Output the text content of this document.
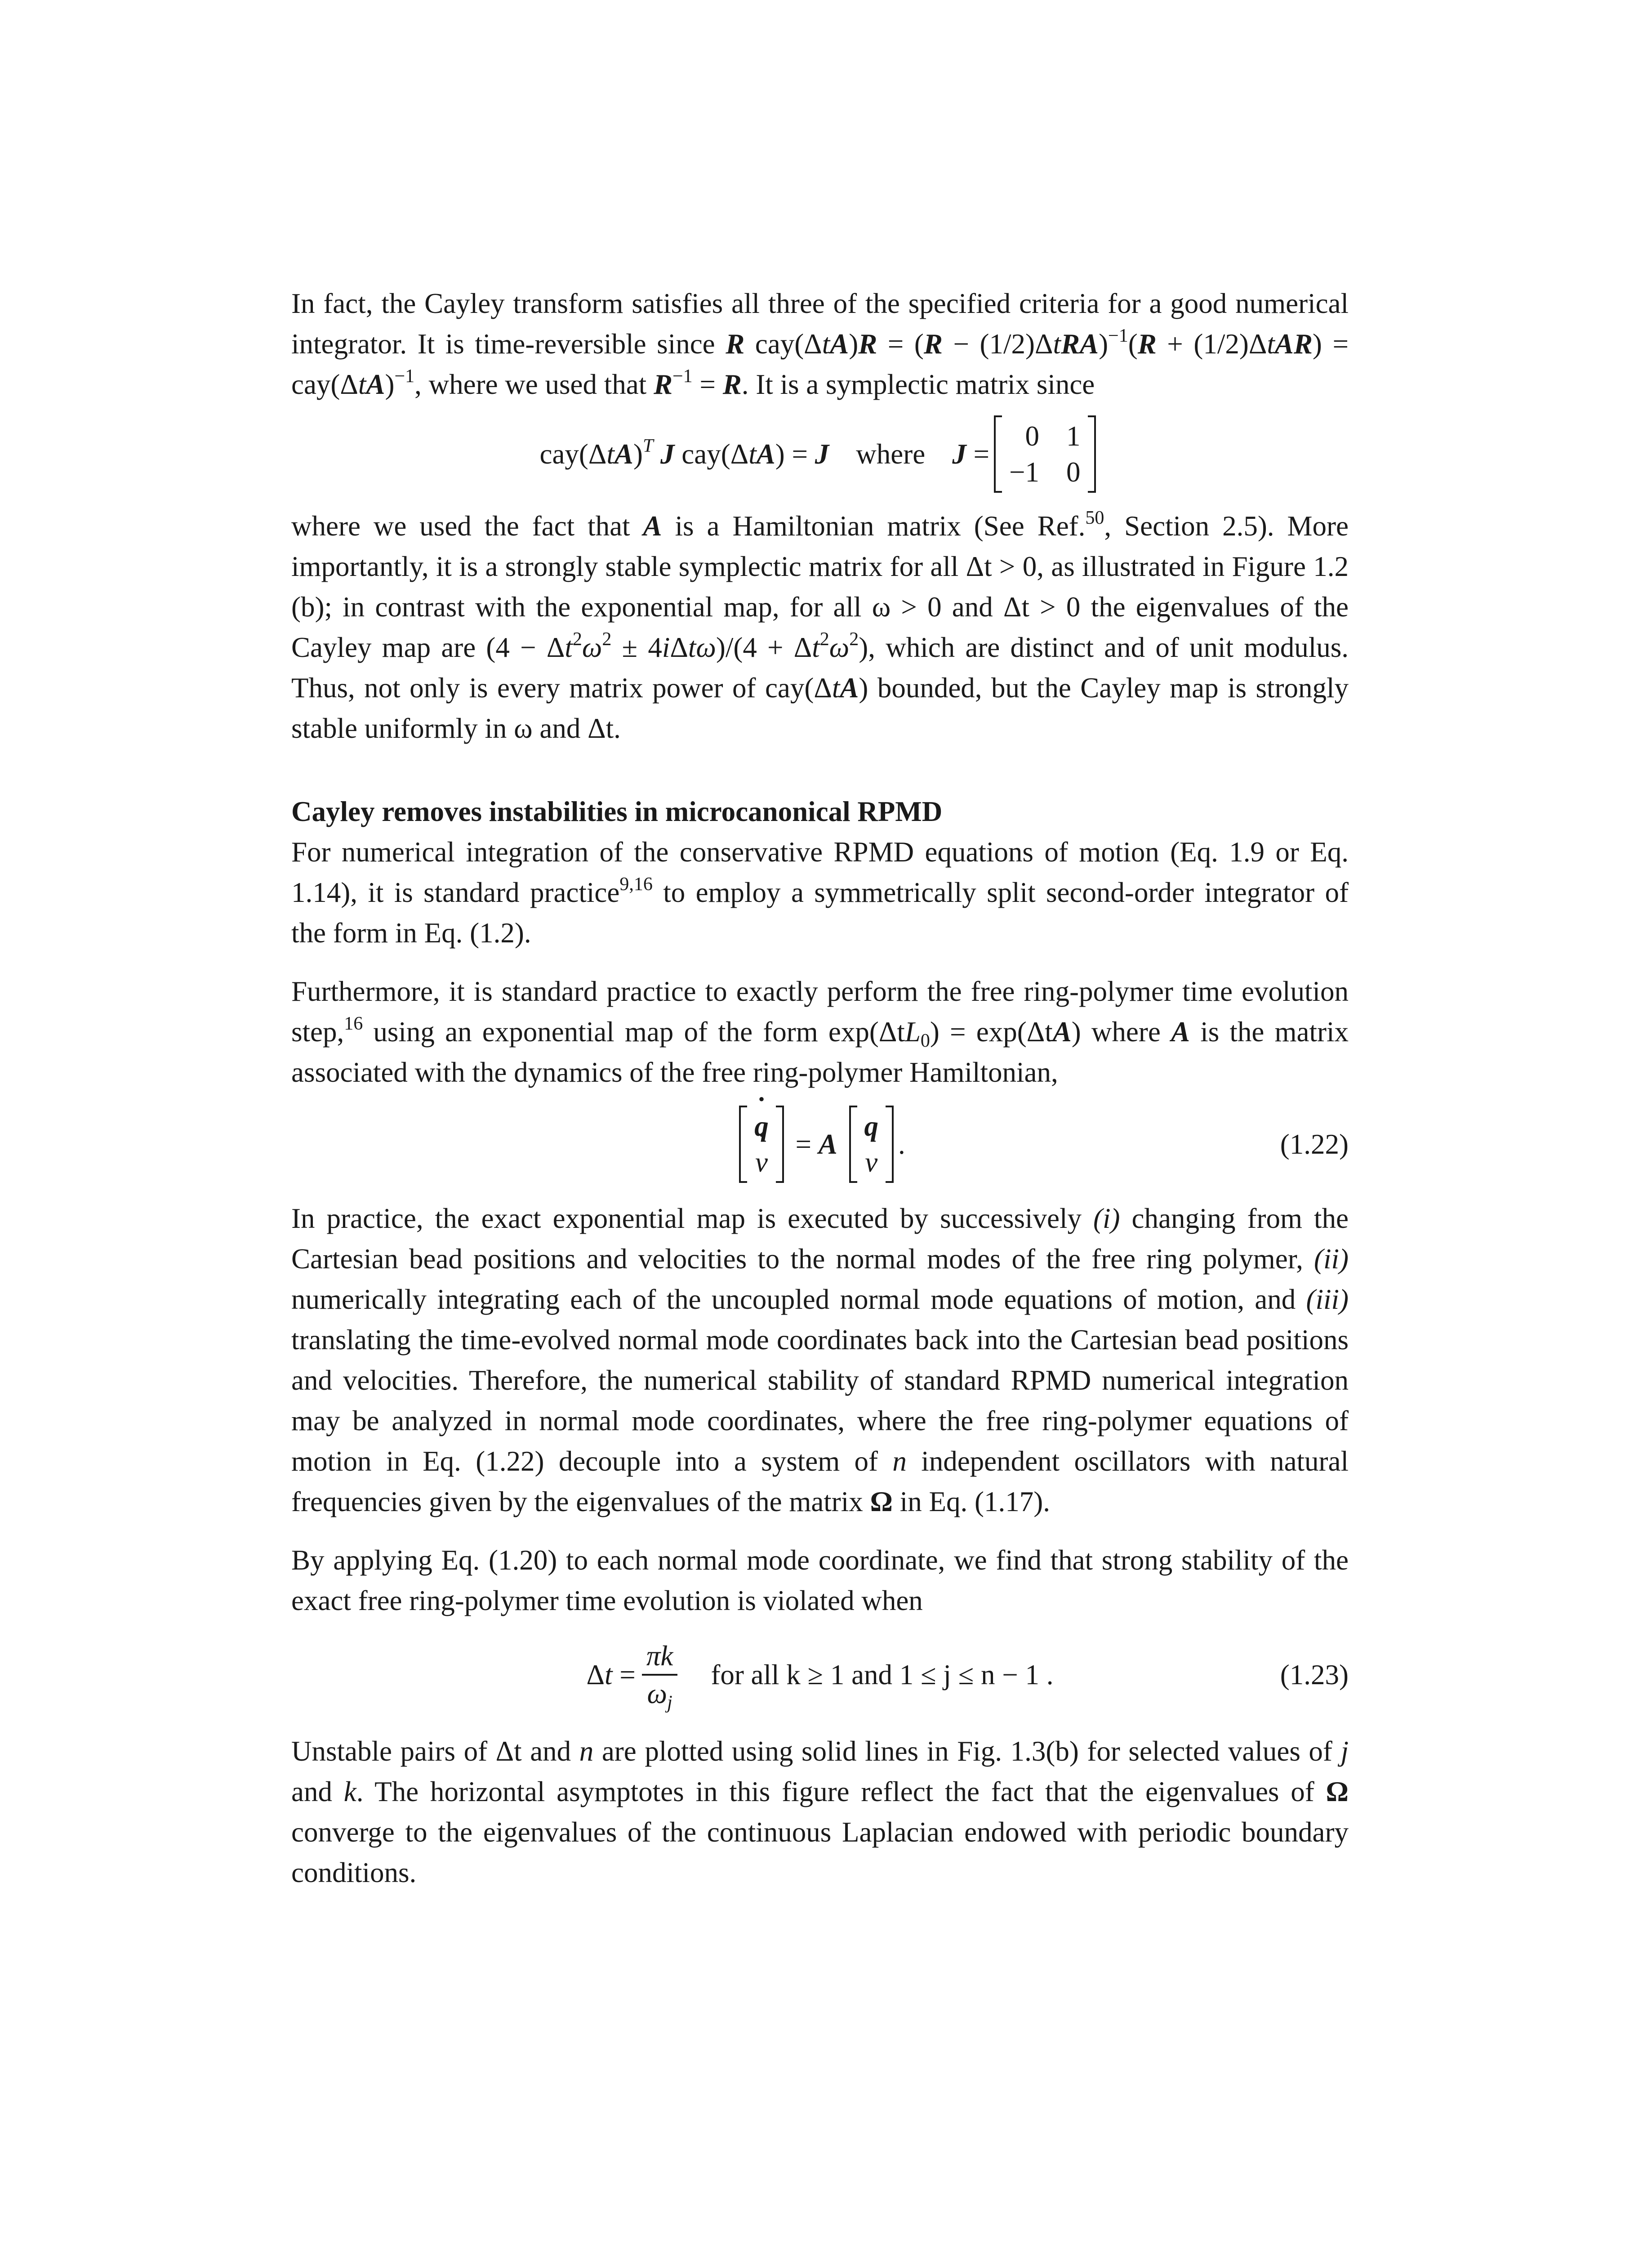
In fact, the Cayley transform satisfies all three of the specified criteria for a good numerical integrator. It is time-reversible since R $cay(\Delta tA)R = (R - (1/2)\Delta tRA)^{-1}(R + (1/2)\Delta tAR) = cay(\Delta tA)^{-1}$, where we used that $R^{-1} = R$. It is a symplectic matrix since

$cay(\Delta tA)^T$ J cay(ΔtA) = J where J =
0 1
−1 0

where we used the fact that A is a Hamiltonian matrix (See Ref.$^{50}$, Section 2.5). More importantly, it is a strongly stable symplectic matrix for all Δt > 0, as illustrated in Figure 1.2 (b); in contrast with the exponential map, for all ω > 0 and Δt > 0 the eigenvalues of the Cayley map are $(4 - \Delta t^2\omega^2 \pm 4i\Delta t\omega)/(4 + \Delta t^2\omega^2)$, which are distinct and of unit modulus. Thus, not only is every matrix power of cay(ΔtA) bounded, but the Cayley map is strongly stable uniformly in ω and Δt.

Cayley removes instabilities in microcanonical RPMD

For numerical integration of the conservative RPMD equations of motion (Eq. 1.9 or Eq. 1.14), it is standard practice$^{9,16}$ to employ a symmetrically split second-order integrator of the form in Eq. (1.2).

Furthermore, it is standard practice to exactly perform the free ring-polymer time evolution step,$^{16}$ using an exponential map of the form exp(ΔtL$_0$) = exp(ΔtA) where A is the matrix associated with the dynamics of the free ring-polymer Hamiltonian,

q ˙
v ˙
= A
q
v
.	(1.22)

In practice, the exact exponential map is executed by successively (i) changing from the Cartesian bead positions and velocities to the normal modes of the free ring polymer, (ii) numerically integrating each of the uncoupled normal mode equations of motion, and (iii) translating the time-evolved normal mode coordinates back into the Cartesian bead positions and velocities. Therefore, the numerical stability of standard RPMD numerical integration may be analyzed in normal mode coordinates, where the free ring-polymer equations of motion in Eq. (1.22) decouple into a system of n independent oscillators with natural frequencies given by the eigenvalues of the matrix Ω in Eq. (1.17).

By applying Eq. (1.20) to each normal mode coordinate, we find that strong stability of the exact free ring-polymer time evolution is violated when

$\Delta t = \frac{\pi k}{\omega_j}$ for all k ≥ 1 and 1 ≤ j ≤ n − 1 .	(1.23)

Unstable pairs of Δt and n are plotted using solid lines in Fig. 1.3(b) for selected values of j and k. The horizontal asymptotes in this figure reflect the fact that the eigenvalues of Ω converge to the eigenvalues of the continuous Laplacian endowed with periodic boundary conditions.
